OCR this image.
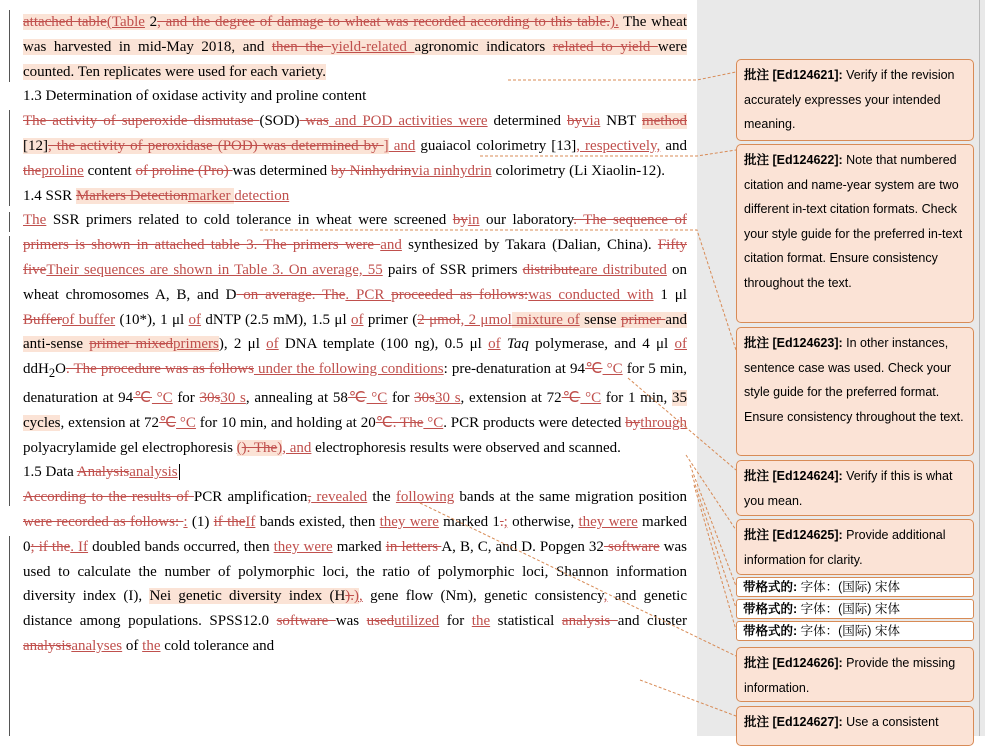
attached table(Table 2, and the degree of damage to wheat was recorded according to this table.). The wheat was harvested in mid-May 2018, and then the yield-related agronomic indicators related to yield were counted. Ten replicates were used for each variety.

1.3 Determination of oxidase activity and proline content

The activity of superoxide dismutase (SOD) was and POD activities were determined byvia NBT method [12], the activity of peroxidase (POD) was determined by ] and guaiacol colorimetry [13], respectively, and theproline content of proline (Pro) was determined by Ninhydrinvia ninhydrin colorimetry (Li Xiaolin-12).

1.4 SSR Markers Detectionmarker detection

The SSR primers related to cold tolerance in wheat were screened byin our laboratory. The sequence of primers is shown in attached table 3. The primers were and synthesized by Takara (Dalian, China). Fifty fiveTheir sequences are shown in Table 3. On average, 55 pairs of SSR primers distributeare distributed on wheat chromosomes A, B, and D on average. The. PCR proceeded as follows:was conducted with 1 μl Bufferof buffer (10*), 1 μl of dNTP (2.5 mM), 1.5 μl of primer (2 μmol, 2 μmol mixture of sense primer and anti-sense primer mixedprimers), 2 μl of DNA template (100 ng), 0.5 μl of Taq polymerase, and 4 μl of ddH$_2$O. The procedure was as follows under the following conditions: pre-denaturation at 94℃ °C for 5 min, denaturation at 94℃ °C for 30s30 s, annealing at 58℃ °C for 30s30 s, extension at 72℃ °C for 1 min, 35 cycles, extension at 72℃ °C for 10 min, and holding at 20℃. The °C. PCR products were detected bythrough polyacrylamide gel electrophoresis (). The), and electrophoresis results were observed and scanned.

1.5 Data Analysisanalysis

According to the results of PCR amplification, revealed the following bands at the same migration position were recorded as follows: : (1) if theIf bands existed, then they were marked 1.; otherwise, they were marked 0; if the. If doubled bands occurred, then they were marked in letters A, B, C, and D. Popgen 32 software was used to calculate the number of polymorphic loci, the ratio of polymorphic loci, Shannon information diversity index (I), Nei genetic diversity index (H).), gene flow (Nm), genetic consistency, and genetic distance among populations. SPSS12.0 software was usedutilized for the statistical analysis and cluster analysisanalyses of the cold tolerance and

批注 [Ed124621]: Verify if the revision accurately expresses your intended meaning.
批注 [Ed124622]: Note that numbered citation and name-year system are two different in-text citation formats. Check your style guide for the preferred in-text citation format. Ensure consistency throughout the text.
批注 [Ed124623]: In other instances, sentence case was used. Check your style guide for the preferred format. Ensure consistency throughout the text.
批注 [Ed124624]: Verify if this is what you mean.
批注 [Ed124625]: Provide additional information for clarity.
带格式的: 字体：(国际) 宋体
带格式的: 字体：(国际) 宋体
带格式的: 字体：(国际) 宋体
批注 [Ed124626]: Provide the missing information.
批注 [Ed124627]: Use a consistent
